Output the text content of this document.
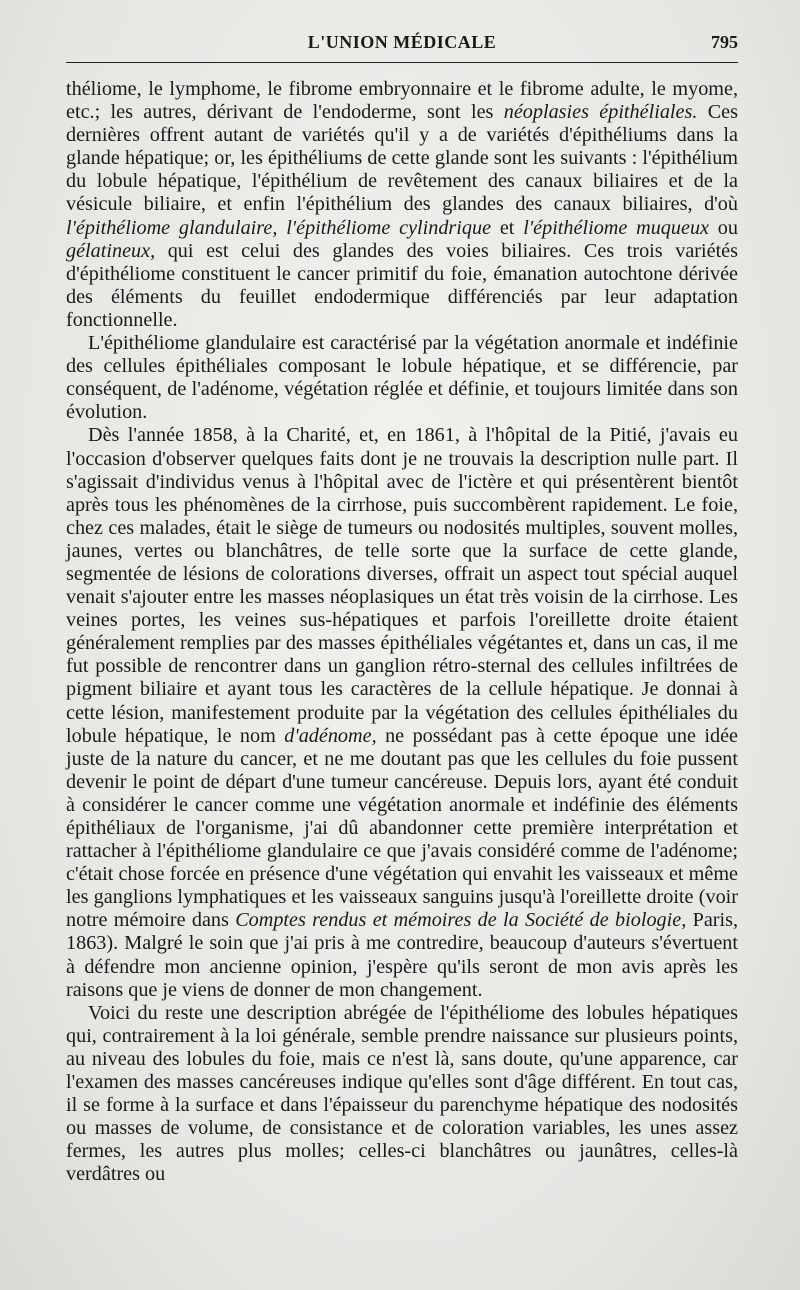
L'UNION MÉDICALE	795

théliome, le lymphome, le fibrome embryonnaire et le fibrome adulte, le myome, etc.; les autres, dérivant de l'endoderme, sont les néoplasies épithéliales. Ces dernières offrent autant de variétés qu'il y a de variétés d'épithéliums dans la glande hépatique; or, les épithéliums de cette glande sont les suivants : l'épithélium du lobule hépatique, l'épithélium de revêtement des canaux biliaires et de la vésicule biliaire, et enfin l'épithélium des glandes des canaux biliaires, d'où l'épithéliome glandulaire, l'épithéliome cylindrique et l'épithéliome muqueux ou gélatineux, qui est celui des glandes des voies biliaires. Ces trois variétés d'épithéliome constituent le cancer primitif du foie, émanation autochtone dérivée des éléments du feuillet endodermique différenciés par leur adaptation fonctionnelle.

L'épithéliome glandulaire est caractérisé par la végétation anormale et indéfinie des cellules épithéliales composant le lobule hépatique, et se différencie, par conséquent, de l'adénome, végétation réglée et définie, et toujours limitée dans son évolution.

Dès l'année 1858, à la Charité, et, en 1861, à l'hôpital de la Pitié, j'avais eu l'occasion d'observer quelques faits dont je ne trouvais la description nulle part. Il s'agissait d'individus venus à l'hôpital avec de l'ictère et qui présentèrent bientôt après tous les phénomènes de la cirrhose, puis succombèrent rapidement. Le foie, chez ces malades, était le siège de tumeurs ou nodosités multiples, souvent molles, jaunes, vertes ou blanchâtres, de telle sorte que la surface de cette glande, segmentée de lésions de colorations diverses, offrait un aspect tout spécial auquel venait s'ajouter entre les masses néoplasiques un état très voisin de la cirrhose. Les veines portes, les veines sus-hépatiques et parfois l'oreillette droite étaient généralement remplies par des masses épithéliales végétantes et, dans un cas, il me fut possible de rencontrer dans un ganglion rétro-sternal des cellules infiltrées de pigment biliaire et ayant tous les caractères de la cellule hépatique. Je donnai à cette lésion, manifestement produite par la végétation des cellules épithéliales du lobule hépatique, le nom d'adénome, ne possédant pas à cette époque une idée juste de la nature du cancer, et ne me doutant pas que les cellules du foie pussent devenir le point de départ d'une tumeur cancéreuse. Depuis lors, ayant été conduit à considérer le cancer comme une végétation anormale et indéfinie des éléments épithéliaux de l'organisme, j'ai dû abandonner cette première interprétation et rattacher à l'épithéliome glandulaire ce que j'avais considéré comme de l'adénome; c'était chose forcée en présence d'une végétation qui envahit les vaisseaux et même les ganglions lymphatiques et les vaisseaux sanguins jusqu'à l'oreillette droite (voir notre mémoire dans Comptes rendus et mémoires de la Société de biologie, Paris, 1863). Malgré le soin que j'ai pris à me contredire, beaucoup d'auteurs s'évertuent à défendre mon ancienne opinion, j'espère qu'ils seront de mon avis après les raisons que je viens de donner de mon changement.

Voici du reste une description abrégée de l'épithéliome des lobules hépatiques qui, contrairement à la loi générale, semble prendre naissance sur plusieurs points, au niveau des lobules du foie, mais ce n'est là, sans doute, qu'une apparence, car l'examen des masses cancéreuses indique qu'elles sont d'âge différent. En tout cas, il se forme à la surface et dans l'épaisseur du parenchyme hépatique des nodosités ou masses de volume, de consistance et de coloration variables, les unes assez fermes, les autres plus molles; celles-ci blanchâtres ou jaunâtres, celles-là verdâtres ou
